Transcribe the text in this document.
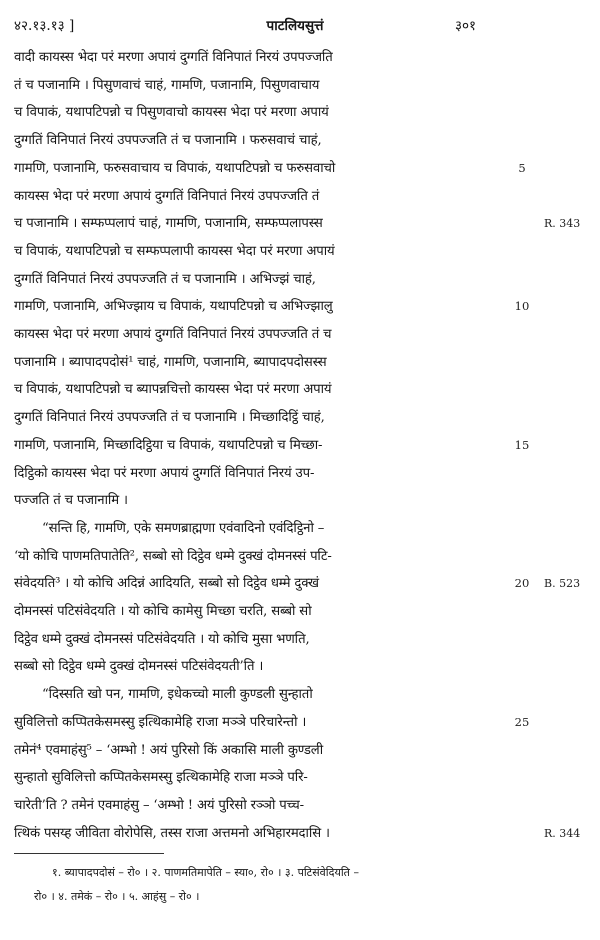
४२.१३.१३ ]	पाटलियसुत्तं	३०१
वादी कायस्स भेदा परं मरणा अपायं दुग्गतिं विनिपातं निरयं उपपज्जति
तं च पजानामि । पिसुणवाचं चाहं, गामणि, पजानामि, पिसुणवाचाय
च विपाकं, यथापटिपन्नो च पिसुणवाचो कायस्स भेदा परं मरणा अपायं
दुग्गतिं विनिपातं निरयं उपपज्जति तं च पजानामि । फरुसवाचं चाहं,
गामणि, पजानामि, फरुसवाचाय च विपाकं, यथापटिपन्नो च फरुसवाचो	5
कायस्स भेदा परं मरणा अपायं दुग्गतिं विनिपातं निरयं उपपज्जति तं
च पजानामि । सम्फप्पलापं चाहं, गामणि, पजानामि, सम्फप्पलापस्स	R. 343
च विपाकं, यथापटिपन्नो च सम्फप्पलापी कायस्स भेदा परं मरणा अपायं
दुग्गतिं विनिपातं निरयं उपपज्जति तं च पजानामि । अभिज्झं चाहं,
गामणि, पजानामि, अभिज्झाय च विपाकं, यथापटिपन्नो च अभिज्झालु	10
कायस्स भेदा परं मरणा अपायं दुग्गतिं विनिपातं निरयं उपपज्जति तं च
पजानामि । ब्यापादपदोसं¹ चाहं, गामणि, पजानामि, ब्यापादपदोसस्स
च विपाकं, यथापटिपन्नो च ब्यापन्नचित्तो कायस्स भेदा परं मरणा अपायं
दुग्गतिं विनिपातं निरयं उपपज्जति तं च पजानामि । मिच्छादिट्ठिं चाहं,
गामणि, पजानामि, मिच्छादिट्ठिया च विपाकं, यथापटिपन्नो च मिच्छा-	15
दिट्ठिको कायस्स भेदा परं मरणा अपायं दुग्गतिं विनिपातं निरयं उप-
पज्जति तं च पजानामि ।
“सन्ति हि, गामणि, एके समणब्राह्मणा एवंवादिनो एवंदिट्ठिनो –
‘यो कोचि पाणमतिपातेति², सब्बो सो दिट्ठेव धम्मे दुक्खं दोमनस्सं पटि-
संवेदयति³ । यो कोचि अदिन्नं आदियति, सब्बो सो दिट्ठेव धम्मे दुक्खं	20	B. 523
दोमनस्सं पटिसंवेदयति । यो कोचि कामेसु मिच्छा चरति, सब्बो सो
दिट्ठेव धम्मे दुक्खं दोमनस्सं पटिसंवेदयति । यो कोचि मुसा भणति,
सब्बो सो दिट्ठेव धम्मे दुक्खं दोमनस्सं पटिसंवेदयती’ति ।
“दिस्सति खो पन, गामणि, इधेकच्चो माली कुण्डली सुन्हातो
सुविलित्तो कप्पितकेसमस्सु इत्थिकामेहि राजा मञ्ञे परिचारेन्तो ।	25
तमेनं⁴ एवमाहंसु⁵ – ‘अम्भो ! अयं पुरिसो किं अकासि माली कुण्डली
सुन्हातो सुविलित्तो कप्पितकेसमस्सु इत्थिकामेहि राजा मञ्ञे परि-
चारेती’ति ? तमेनं एवमाहंसु – ‘अम्भो ! अयं पुरिसो रञ्ञो पच्च-
त्थिकं पसय्ह जीविता वोरोपेसि, तस्स राजा अत्तमनो अभिहारमदासि ।	R. 344
१. ब्यापादपदोसं – रो० । २. पाणमतिमापेति – स्या०, रो० । ३. पटिसंवेदियति –
रो० । ४. तमेकं – रो० । ५. आहंसु – रो० ।
